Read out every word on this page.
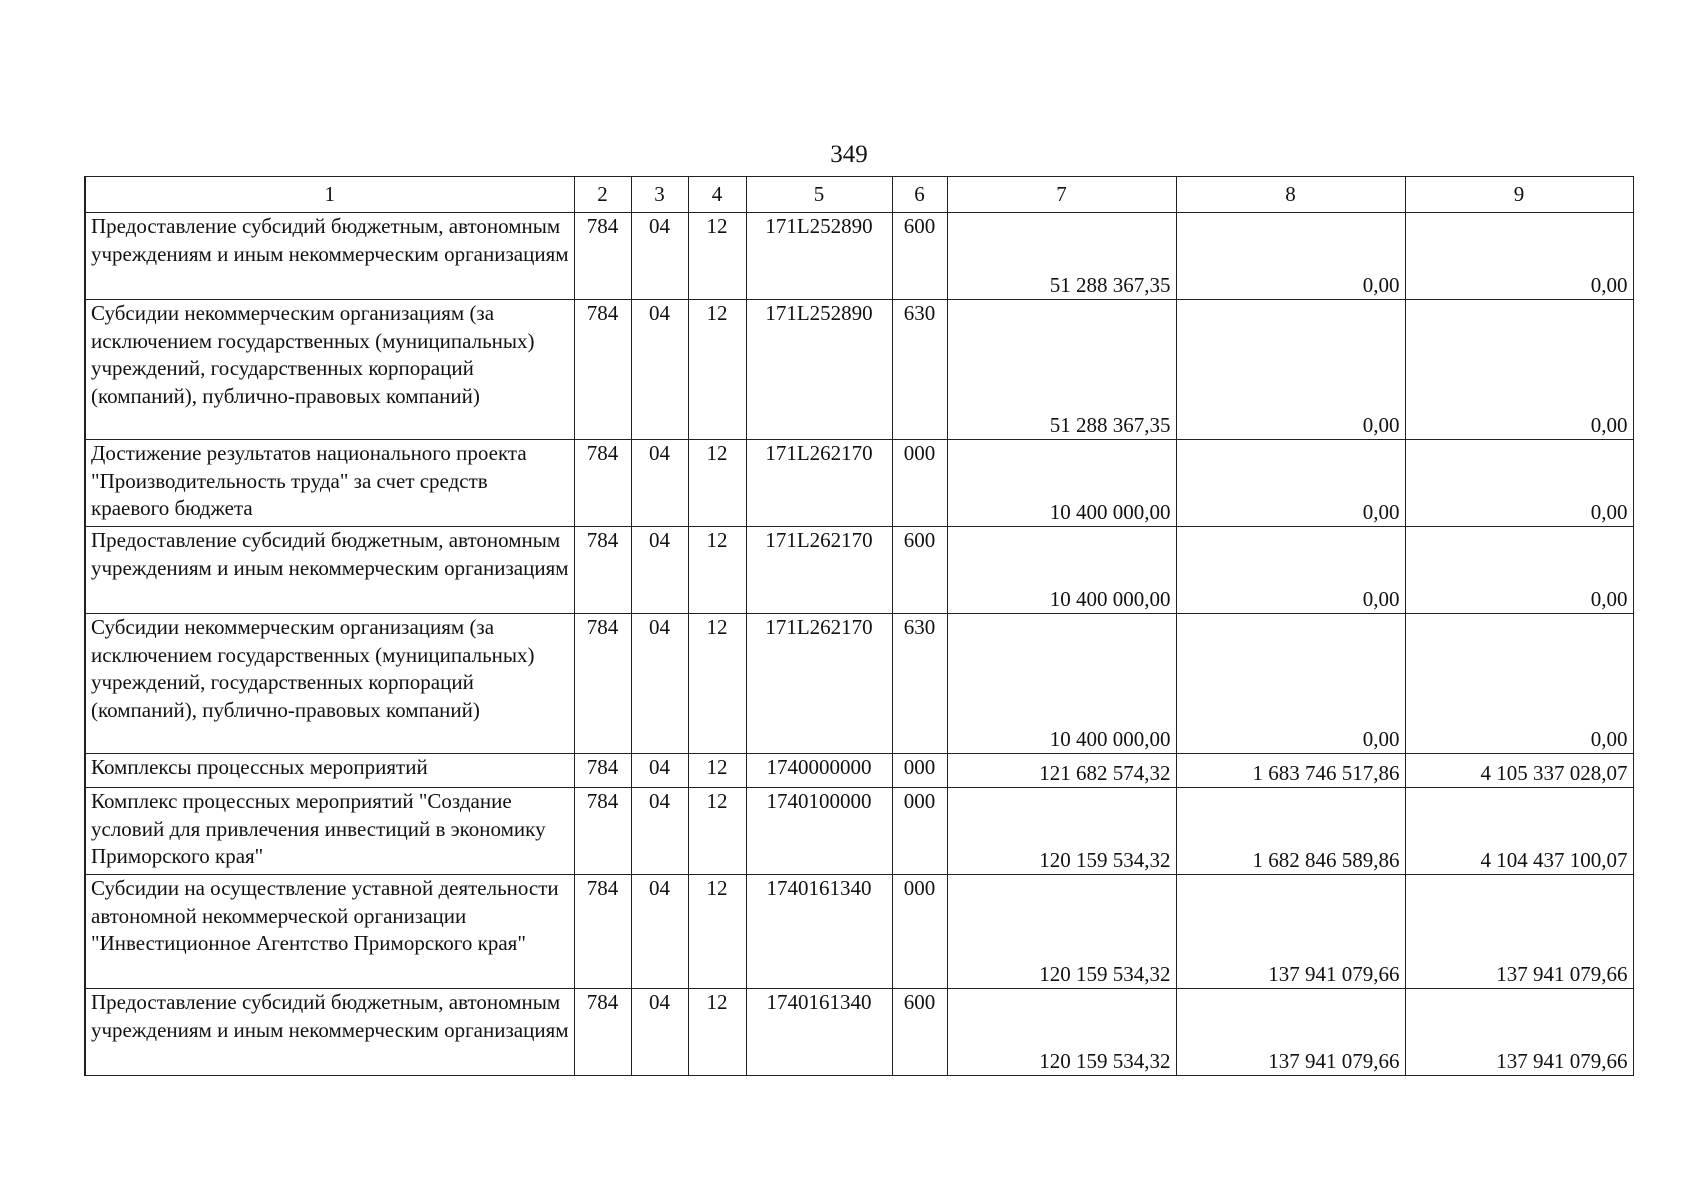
349
1	2	3	4	5	6	7	8	9
Предоставление субсидий бюджетным, автономным учреждениям и иным некоммерческим организациям	784	04	12	171L252890	600	51 288 367,35	0,00	0,00
Субсидии некоммерческим организациям (за исключением государственных (муниципальных) учреждений, государственных корпораций (компаний), публично-правовых компаний)	784	04	12	171L252890	630	51 288 367,35	0,00	0,00
Достижение результатов национального проекта "Производительность труда" за счет средств краевого бюджета	784	04	12	171L262170	000	10 400 000,00	0,00	0,00
Предоставление субсидий бюджетным, автономным учреждениям и иным некоммерческим организациям	784	04	12	171L262170	600	10 400 000,00	0,00	0,00
Субсидии некоммерческим организациям (за исключением государственных (муниципальных) учреждений, государственных корпораций (компаний), публично-правовых компаний)	784	04	12	171L262170	630	10 400 000,00	0,00	0,00
Комплексы процессных мероприятий	784	04	12	1740000000	000	121 682 574,32	1 683 746 517,86	4 105 337 028,07
Комплекс процессных мероприятий "Создание условий для привлечения инвестиций в экономику Приморского края"	784	04	12	1740100000	000	120 159 534,32	1 682 846 589,86	4 104 437 100,07
Субсидии на осуществление уставной деятельности автономной некоммерческой организации "Инвестиционное Агентство Приморского края"	784	04	12	1740161340	000	120 159 534,32	137 941 079,66	137 941 079,66
Предоставление субсидий бюджетным, автономным учреждениям и иным некоммерческим организациям	784	04	12	1740161340	600	120 159 534,32	137 941 079,66	137 941 079,66
